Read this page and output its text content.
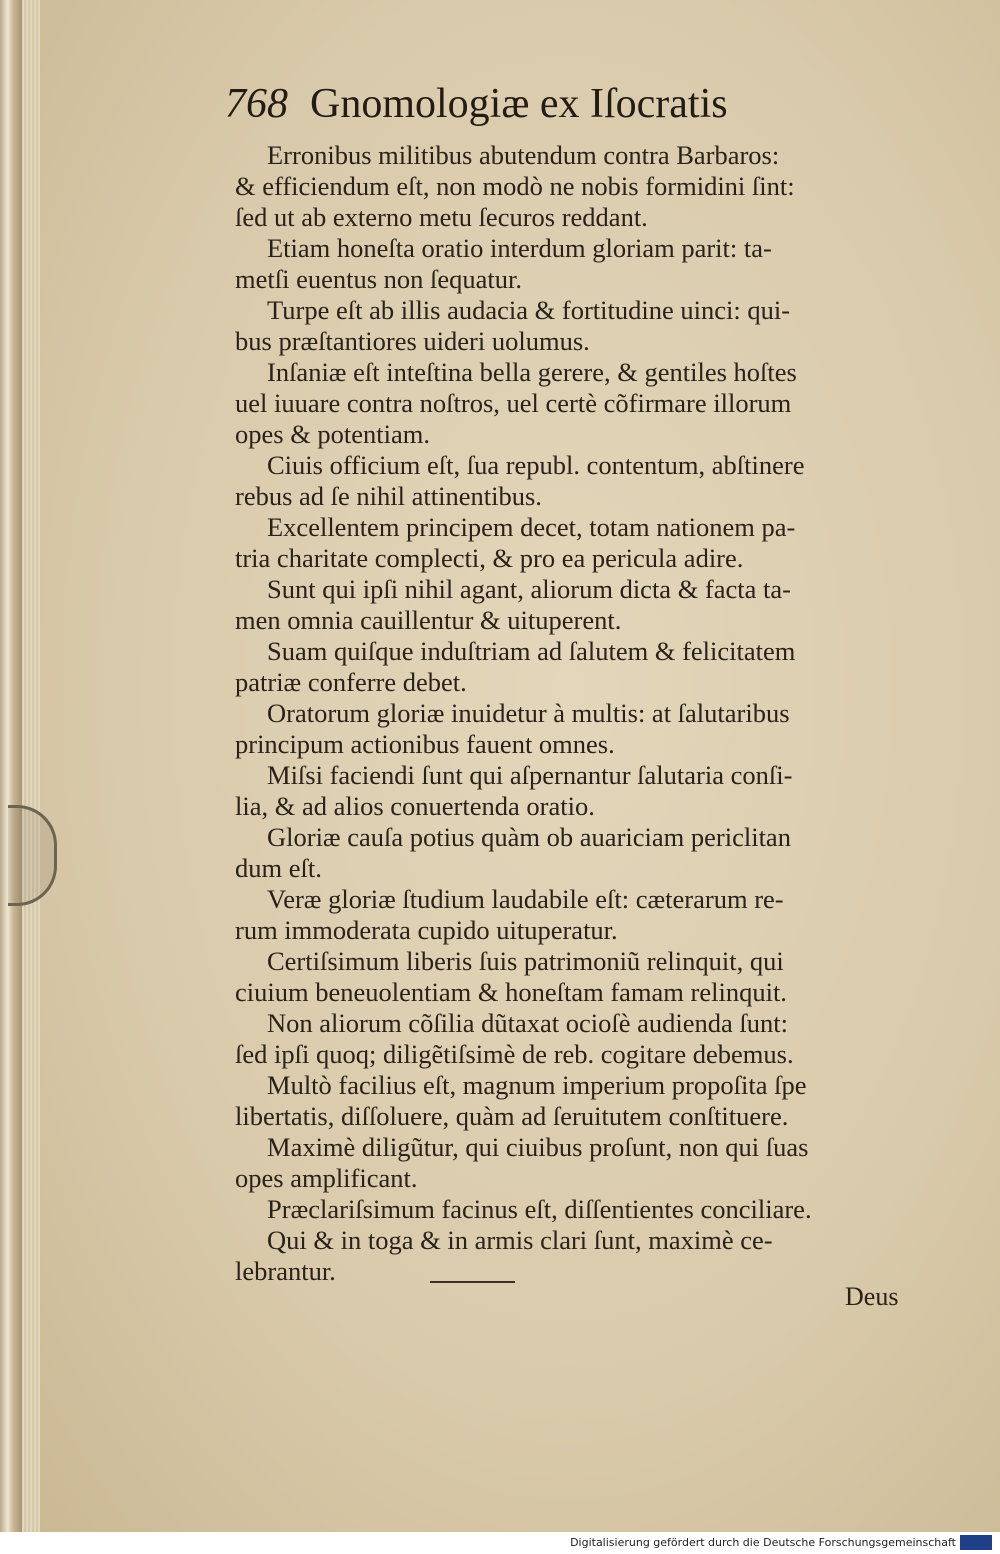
768 Gnomologiæ ex Iſocratis
Erronibus militibus abutendum contra Barbaros:
& efficiendum eſt, non modò ne nobis formidini ſint:
ſed ut ab externo metu ſecuros reddant.
Etiam honeſta oratio interdum gloriam parit: ta-
metſi euentus non ſequatur.
Turpe eſt ab illis audacia & fortitudine uinci: qui-
bus præſtantiores uideri uolumus.
Inſaniæ eſt inteſtina bella gerere, & gentiles hoſtes
uel iuuare contra noſtros, uel certè cõfirmare illorum
opes & potentiam.
Ciuis officium eſt, ſua republ. contentum, abſtinere
rebus ad ſe nihil attinentibus.
Excellentem principem decet, totam nationem pa-
tria charitate complecti, & pro ea pericula adire.
Sunt qui ipſi nihil agant, aliorum dicta & facta ta-
men omnia cauillentur & uituperent.
Suam quiſque induſtriam ad ſalutem & felicitatem
patriæ conferre debet.
Oratorum gloriæ inuidetur à multis: at ſalutaribus
principum actionibus fauent omnes.
Miſsi faciendi ſunt qui aſpernantur ſalutaria conſi-
lia, & ad alios conuertenda oratio.
Gloriæ cauſa potius quàm ob auariciam periclitan
dum eſt.
Veræ gloriæ ſtudium laudabile eſt: cæterarum re-
rum immoderata cupido uituperatur.
Certiſsimum liberis ſuis patrimoniũ relinquit, qui
ciuium beneuolentiam & honeſtam famam relinquit.
Non aliorum cõſilia dũtaxat ocioſè audienda ſunt:
ſed ipſi quoq; diligẽtiſsimè de reb. cogitare debemus.
Multò facilius eſt, magnum imperium propoſita ſpe
libertatis, diſſoluere, quàm ad ſeruitutem conſtituere.
Maximè diligũtur, qui ciuibus proſunt, non qui ſuas
opes amplificant.
Præclariſsimum facinus eſt, diſſentientes conciliare.
Qui & in toga & in armis clari ſunt, maximè ce-
lebrantur.
Deus
Digitalisierung gefördert durch die Deutsche Forschungsgemeinschaft
